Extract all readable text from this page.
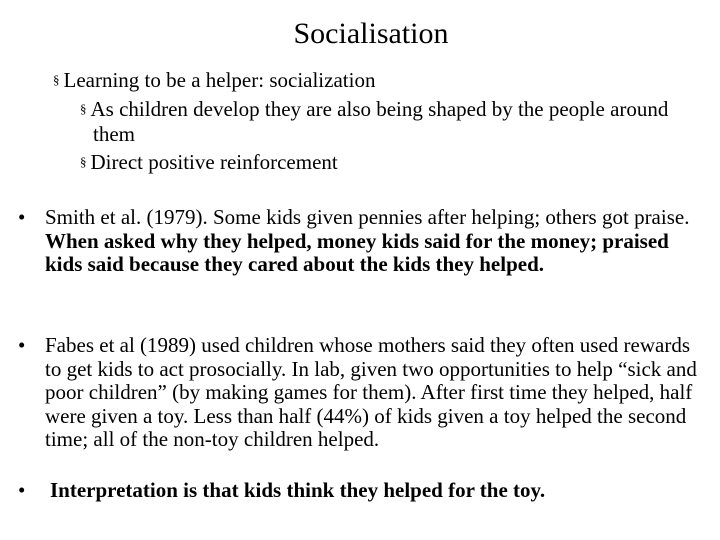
Socialisation
§ Learning to be a helper: socialization
§ As children develop they are also being shaped by the people around them
§ Direct positive reinforcement
• Smith et al. (1979). Some kids given pennies after helping; others got praise. When asked why they helped, money kids said for the money; praised kids said because they cared about the kids they helped.
• Fabes et al (1989) used children whose mothers said they often used rewards to get kids to act prosocially. In lab, given two opportunities to help “sick and poor children” (by making games for them). After first time they helped, half were given a toy. Less than half (44%) of kids given a toy helped the second time; all of the non-toy children helped.
•	Interpretation is that kids think they helped for the toy.
